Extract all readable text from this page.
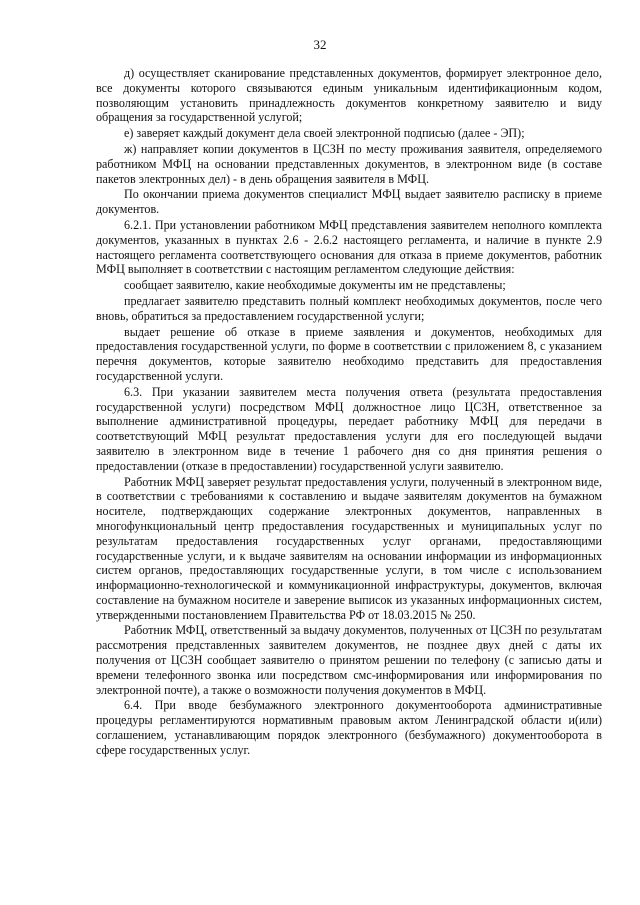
32

д) осуществляет сканирование представленных документов, формирует электронное дело, все документы которого связываются единым уникальным идентификационным кодом, позволяющим установить принадлежность документов конкретному заявителю и виду обращения за государственной услугой;

е) заверяет каждый документ дела своей электронной подписью (далее - ЭП);

ж) направляет копии документов в ЦСЗН по месту проживания заявителя, определяемого работником МФЦ на основании представленных документов, в электронном виде (в составе пакетов электронных дел) - в день обращения заявителя в МФЦ.

По окончании приема документов специалист МФЦ выдает заявителю расписку в приеме документов.

6.2.1. При установлении работником МФЦ представления заявителем неполного комплекта документов, указанных в пунктах 2.6 - 2.6.2 настоящего регламента, и наличие в пункте 2.9 настоящего регламента соответствующего основания для отказа в приеме документов, работник МФЦ выполняет в соответствии с настоящим регламентом следующие действия:

сообщает заявителю, какие необходимые документы им не представлены;

предлагает заявителю представить полный комплект необходимых документов, после чего вновь, обратиться за предоставлением государственной услуги;

выдает решение об отказе в приеме заявления и документов, необходимых для предоставления государственной услуги, по форме в соответствии с приложением 8, с указанием перечня документов, которые заявителю необходимо представить для предоставления государственной услуги.

6.3. При указании заявителем места получения ответа (результата предоставления государственной услуги) посредством МФЦ должностное лицо ЦСЗН, ответственное за выполнение административной процедуры, передает работнику МФЦ для передачи в соответствующий МФЦ результат предоставления услуги для его последующей выдачи заявителю в электронном виде в течение 1 рабочего дня со дня принятия решения о предоставлении (отказе в предоставлении) государственной услуги заявителю.

Работник МФЦ заверяет результат предоставления услуги, полученный в электронном виде, в соответствии с требованиями к составлению и выдаче заявителям документов на бумажном носителе, подтверждающих содержание электронных документов, направленных в многофункциональный центр предоставления государственных и муниципальных услуг по результатам предоставления государственных услуг органами, предоставляющими государственные услуги, и к выдаче заявителям на основании информации из информационных систем органов, предоставляющих государственные услуги, в том числе с использованием информационно-технологической и коммуникационной инфраструктуры, документов, включая составление на бумажном носителе и заверение выписок из указанных информационных систем, утвержденными постановлением Правительства РФ от 18.03.2015 № 250.

Работник МФЦ, ответственный за выдачу документов, полученных от ЦСЗН по результатам рассмотрения представленных заявителем документов, не позднее двух дней с даты их получения от ЦСЗН сообщает заявителю о принятом решении по телефону (с записью даты и времени телефонного звонка или посредством смс-информирования или информирования по электронной почте), а также о возможности получения документов в МФЦ.

6.4. При вводе безбумажного электронного документооборота административные процедуры регламентируются нормативным правовым актом Ленинградской области и(или) соглашением, устанавливающим порядок электронного (безбумажного) документооборота в сфере государственных услуг.
